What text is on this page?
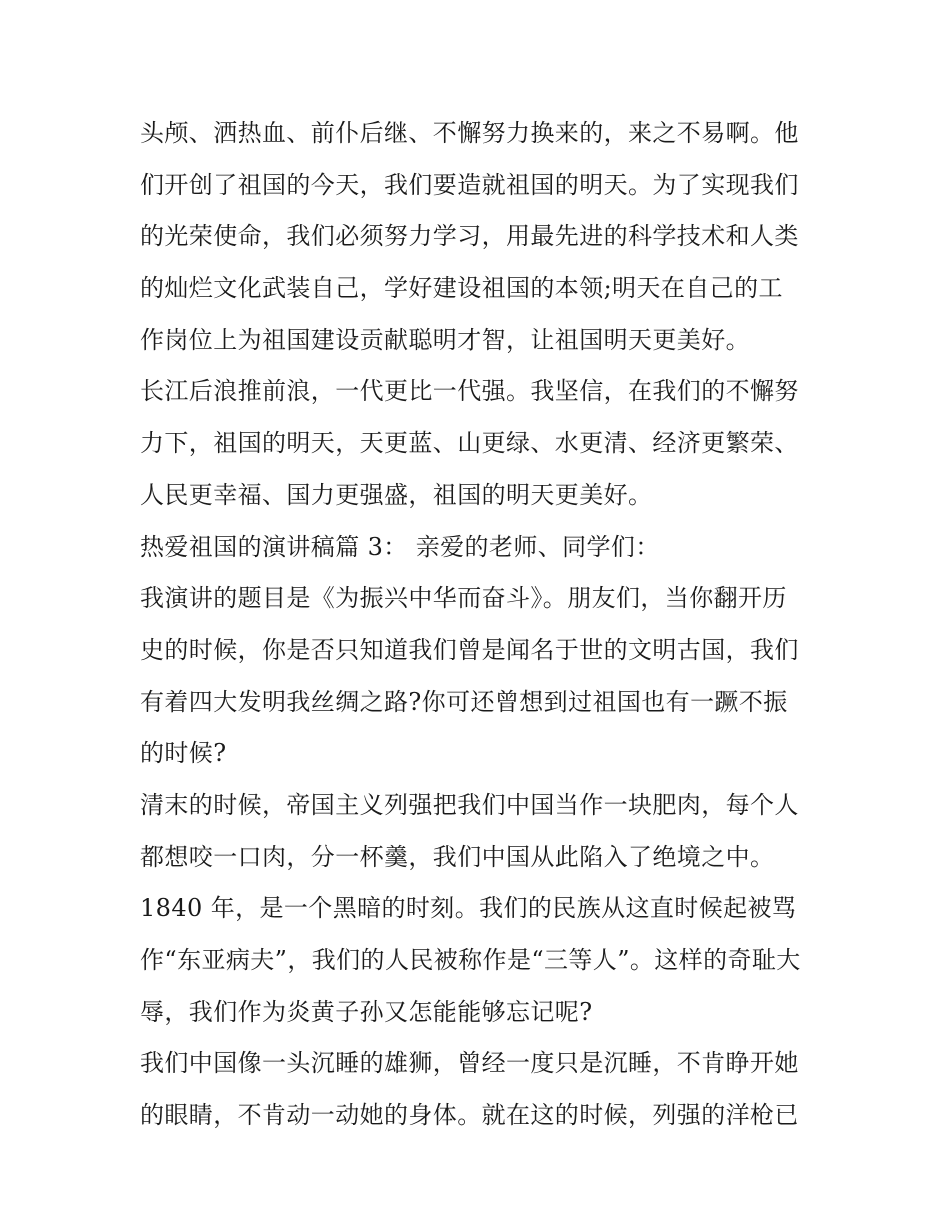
头颅、洒热血、前仆后继、不懈努力换来的，来之不易啊。他
们开创了祖国的今天，我们要造就祖国的明天。为了实现我们
的光荣使命，我们必须努力学习，用最先进的科学技术和人类
的灿烂文化武装自己，学好建设祖国的本领;明天在自己的工
作岗位上为祖国建设贡献聪明才智，让祖国明天更美好。
长江后浪推前浪，一代更比一代强。我坚信，在我们的不懈努
力下，祖国的明天，天更蓝、山更绿、水更清、经济更繁荣、
人民更幸福、国力更强盛，祖国的明天更美好。
热爱祖国的演讲稿篇 3： 亲爱的老师、同学们：
我演讲的题目是《为振兴中华而奋斗》。朋友们，当你翻开历
史的时候，你是否只知道我们曾是闻名于世的文明古国，我们
有着四大发明我丝绸之路?你可还曾想到过祖国也有一蹶不振
的时候?
清末的时候，帝国主义列强把我们中国当作一块肥肉，每个人
都想咬一口肉，分一杯羹，我们中国从此陷入了绝境之中。
1840 年，是一个黑暗的时刻。我们的民族从这直时候起被骂
作“东亚病夫”，我们的人民被称作是“三等人”。这样的奇耻大
辱，我们作为炎黄子孙又怎能能够忘记呢?
我们中国像一头沉睡的雄狮，曾经一度只是沉睡，不肯睁开她
的眼睛，不肯动一动她的身体。就在这的时候，列强的洋枪已
